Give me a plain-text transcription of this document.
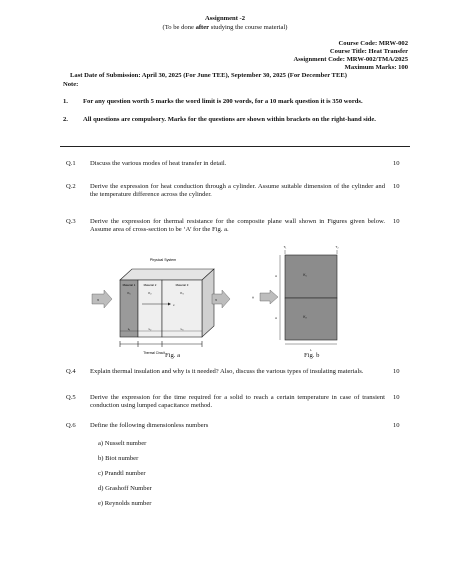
Assignment -2
(To be done after studying the course material)
Course Code: MRW-002
Course Title: Heat Transfer
Assignment Code: MRW-002/TMA/2025
Maximum Marks: 100
Last Date of Submission: April 30, 2025 (For June TEE), September 30, 2025 (For December TEE)
Note:
1. For any question worth 5 marks the word limit is 200 words, for a 10 mark question it is 350 words.
2. All questions are compulsory. Marks for the questions are shown within brackets on the right-hand side.
Q.1 Discuss the various modes of heat transfer in detail.	10
Q.2 Derive the expression for heat conduction through a cylinder. Assume suitable dimension of the cylinder and the temperature difference across the cylinder.
10
Q.3 Derive the expression for thermal resistance for the composite plane wall shown in Figures given below. Assume area of cross-section to be ‘A’ for the Fig. a.
10
Physical System
Material 1	Material 2	Material 3
K₁	K₂	K₃
x
q	q
L₁	L₂	L₃
Thermal Circuit
T₁	T₂
K₁
K₂
A
A
A
L
Fig. a	Fig. b
Q.4 Explain thermal insulation and why is it needed? Also, discuss the various types of insulating materials.	10
Q.5 Derive the expression for the time required for a solid to reach a certain temperature in case of transient conduction using lumped capacitance method.
10
Q.6 Define the following dimensionless numbers	10
a) Nusselt number
b) Biot number
c) Prandtl number
d) Grashoff Number
e) Reynolds number
